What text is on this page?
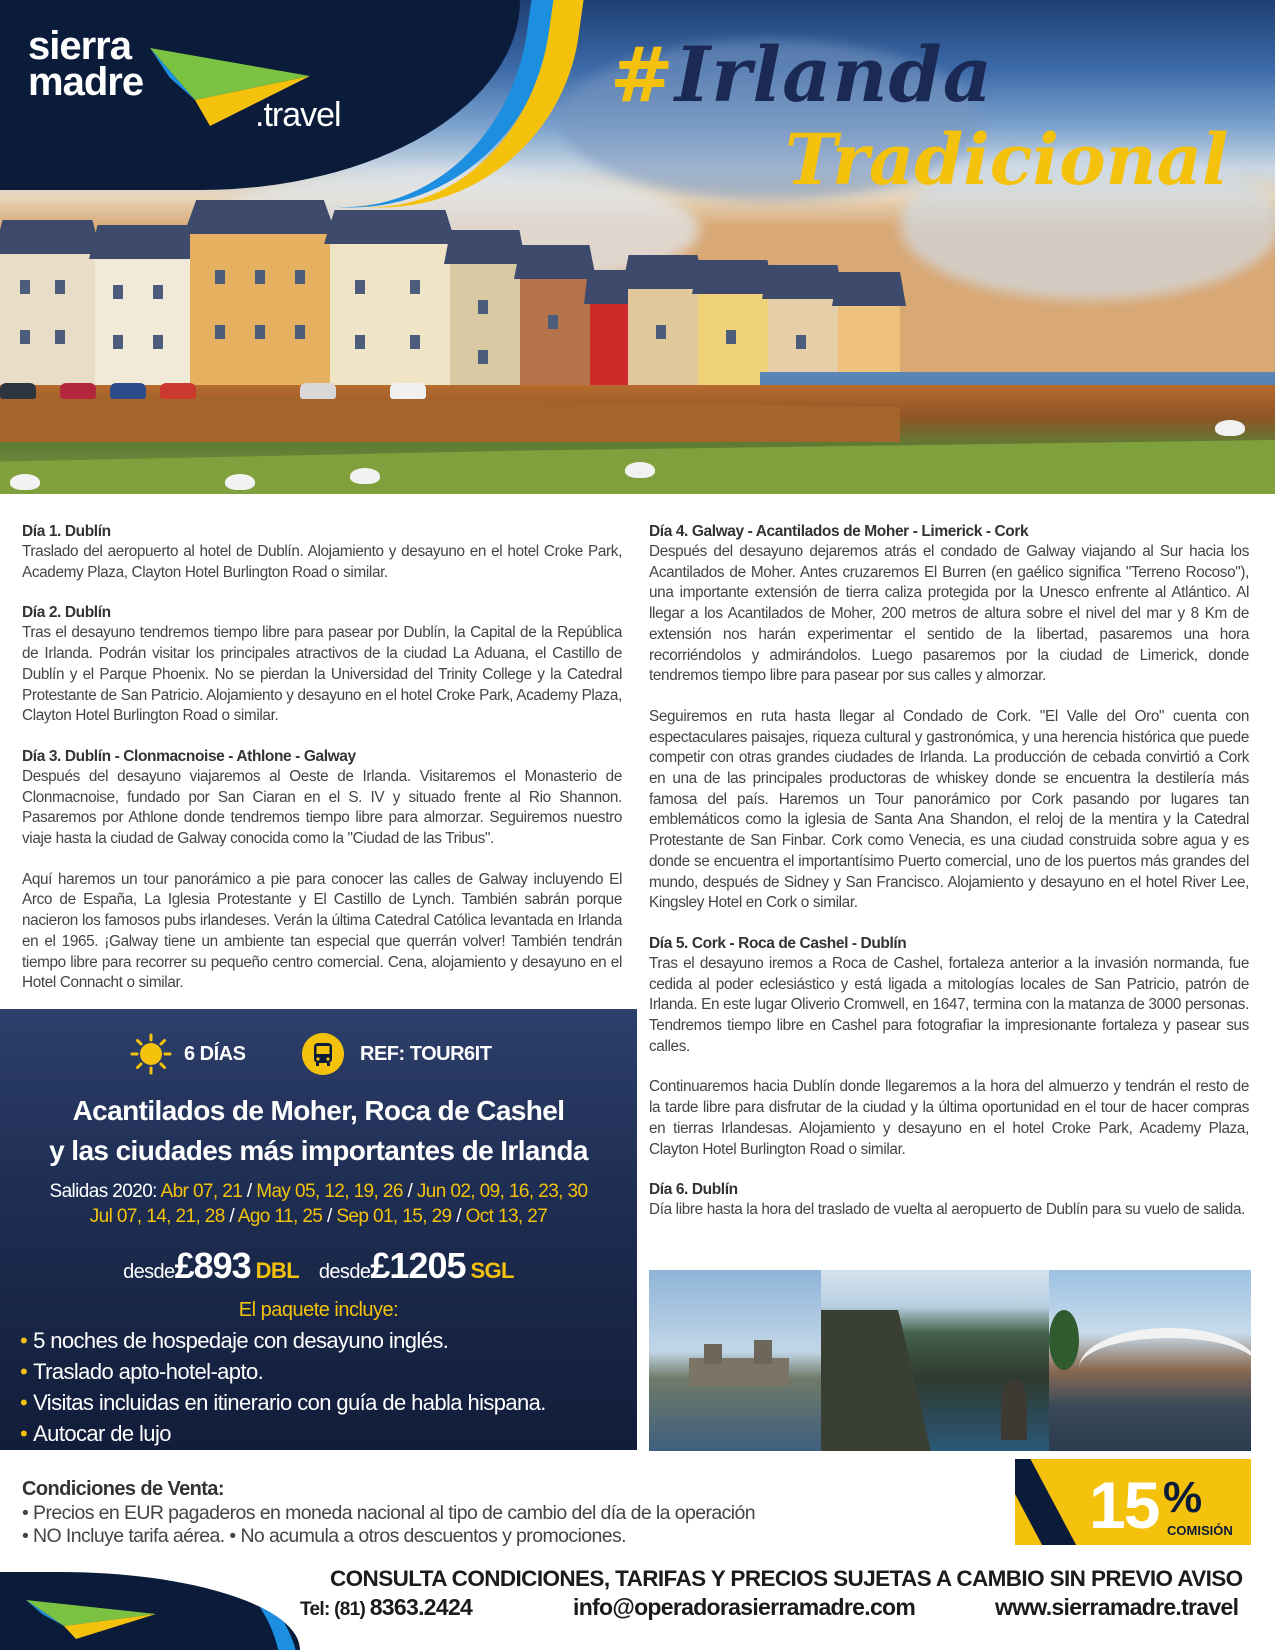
sierra
madre
.travel	#Irlanda
Tradicional
Día 1. Dublín

Traslado del aeropuerto al hotel de Dublín. Alojamiento y desayuno en el hotel Croke Park, Academy Plaza, Clayton Hotel Burlington Road o similar.

Día 2. Dublín

Tras el desayuno tendremos tiempo libre para pasear por Dublín, la Capital de la República de Irlanda. Podrán visitar los principales atractivos de la ciudad La Aduana, el Castillo de Dublín y el Parque Phoenix. No se pierdan la Universidad del Trinity College y la Catedral Protestante de San Patricio. Alojamiento y desayuno en el hotel Croke Park, Academy Plaza, Clayton Hotel Burlington Road o similar.

Día 3. Dublín - Clonmacnoise - Athlone - Galway

Después del desayuno viajaremos al Oeste de Irlanda. Visitaremos el Monasterio de Clonmacnoise, fundado por San Ciaran en el S. IV y situado frente al Rio Shannon. Pasaremos por Athlone donde tendremos tiempo libre para almorzar. Seguiremos nuestro viaje hasta la ciudad de Galway conocida como la "Ciudad de las Tribus".

Aquí haremos un tour panorámico a pie para conocer las calles de Galway incluyendo El Arco de España, La Iglesia Protestante y El Castillo de Lynch. También sabrán porque nacieron los famosos pubs irlandeses. Verán la última Catedral Católica levantada en Irlanda en el 1965. ¡Galway tiene un ambiente tan especial que querrán volver! También tendrán tiempo libre para recorrer su pequeño centro comercial. Cena, alojamiento y desayuno en el Hotel Connacht o similar.

Día 4. Galway - Acantilados de Moher - Limerick - Cork

Después del desayuno dejaremos atrás el condado de Galway viajando al Sur hacia los Acantilados de Moher. Antes cruzaremos El Burren (en gaélico significa "Terreno Rocoso"), una importante extensión de tierra caliza protegida por la Unesco enfrente al Atlántico. Al llegar a los Acantilados de Moher, 200 metros de altura sobre el nivel del mar y 8 Km de extensión nos harán experimentar el sentido de la libertad, pasaremos una hora recorriéndolos y admirándolos. Luego pasaremos por la ciudad de Limerick, donde tendremos tiempo libre para pasear por sus calles y almorzar.

Seguiremos en ruta hasta llegar al Condado de Cork. "El Valle del Oro" cuenta con espectaculares paisajes, riqueza cultural y gastronómica, y una herencia histórica que puede competir con otras grandes ciudades de Irlanda. La producción de cebada convirtió a Cork en una de las principales productoras de whiskey donde se encuentra la destilería más famosa del país. Haremos un Tour panorámico por Cork pasando por lugares tan emblemáticos como la iglesia de Santa Ana Shandon, el reloj de la mentira y la Catedral Protestante de San Finbar. Cork como Venecia, es una ciudad construida sobre agua y es donde se encuentra el importantísimo Puerto comercial, uno de los puertos más grandes del mundo, después de Sidney y San Francisco. Alojamiento y desayuno en el hotel River Lee, Kingsley Hotel en Cork o similar.

Día 5. Cork - Roca de Cashel - Dublín

Tras el desayuno iremos a Roca de Cashel, fortaleza anterior a la invasión normanda, fue cedida al poder eclesiástico y está ligada a mitologías locales de San Patricio, patrón de Irlanda. En este lugar Oliverio Cromwell, en 1647, termina con la matanza de 3000 personas. Tendremos tiempo libre en Cashel para fotografiar la impresionante fortaleza y pasear sus calles.

Continuaremos hacia Dublín donde llegaremos a la hora del almuerzo y tendrán el resto de la tarde libre para disfrutar de la ciudad y la última oportunidad en el tour de hacer compras en tierras Irlandesas. Alojamiento y desayuno en el hotel Croke Park, Academy Plaza, Clayton Hotel Burlington Road o similar.

Día 6. Dublín

Día libre hasta la hora del traslado de vuelta al aeropuerto de Dublín para su vuelo de salida.

6 DÍAS	REF: TOUR6IT
Acantilados de Moher, Roca de Cashel
y las ciudades más importantes de Irlanda
Salidas 2020: Abr 07, 21 / May 05, 12, 19, 26 / Jun 02, 09, 16, 23, 30
Jul 07, 14, 21, 28 / Ago 11, 25 / Sep 01, 15, 29 / Oct 13, 27
desde£893 DBL desde£1205 SGL
El paquete incluye:
• 5 noches de hospedaje con desayuno inglés.
• Traslado apto-hotel-apto.
• Visitas incluidas en itinerario con guía de habla hispana.
• Autocar de lujo
Condiciones de Venta:
• Precios en EUR pagaderos en moneda nacional al tipo de cambio del día de la operación
• NO Incluye tarifa aérea. • No acumula a otros descuentos y promociones.	15 %
COMISIÓN
CONSULTA CONDICIONES, TARIFAS Y PRECIOS SUJETAS A CAMBIO SIN PREVIO AVISO
Tel: (81) 8363.2424	info@operadorasierramadre.com	www.sierramadre.travel
